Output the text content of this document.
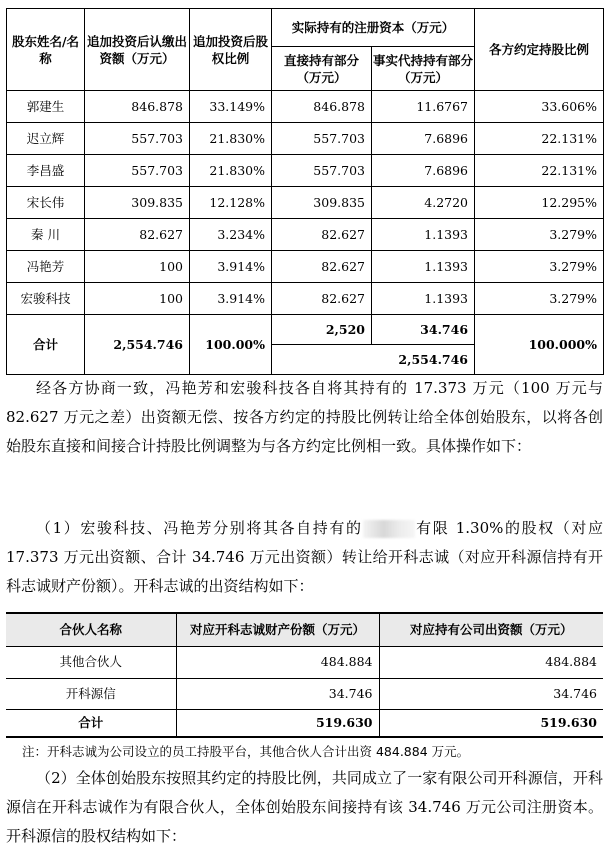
股东姓名/名称	追加投资后认缴出资额（万元）	追加投资后股权比例	实际持有的注册资本（万元）		各方约定持股比例
			直接持有部分（万元）	事实代持持有部分（万元）	
郭建生	846.878	33.149%	846.878	11.6767	33.606%
迟立辉	557.703	21.830%	557.703	7.6896	22.131%
李昌盛	557.703	21.830%	557.703	7.6896	22.131%
宋长伟	309.835	12.128%	309.835	4.2720	12.295%
秦 川	82.627	3.234%	82.627	1.1393	3.279%
冯艳芳	100	3.914%	82.627	1.1393	3.279%
宏骏科技	100	3.914%	82.627	1.1393	3.279%
合计	2,554.746	100.00%	2,520	34.746	100.000%
			2,554.746		
经各方协商一致，冯艳芳和宏骏科技各自将其持有的 17.373 万元（100 万元与 82.627 万元之差）出资额无偿、按各方约定的持股比例转让给全体创始股东，以将各创始股东直接和间接合计持股比例调整为与各方约定比例相一致。具体操作如下：
（1）宏骏科技、冯艳芳分别将其各自持有的	有限 1.30%的股权（对应 17.373 万元出资额、合计 34.746 万元出资额）转让给开科志诚（对应开科源信持有开科志诚财产份额）。开科志诚的出资结构如下：
合伙人名称	对应开科志诚财产份额（万元）	对应持有公司出资额（万元）
其他合伙人	484.884	484.884
开科源信	34.746	34.746
合计	519.630	519.630
注：开科志诚为公司设立的员工持股平台，其他合伙人合计出资 484.884 万元。
（2）全体创始股东按照其约定的持股比例，共同成立了一家有限公司开科源信，开科源信在开科志诚作为有限合伙人，全体创始股东间接持有该 34.746 万元公司注册资本。开科源信的股权结构如下：
